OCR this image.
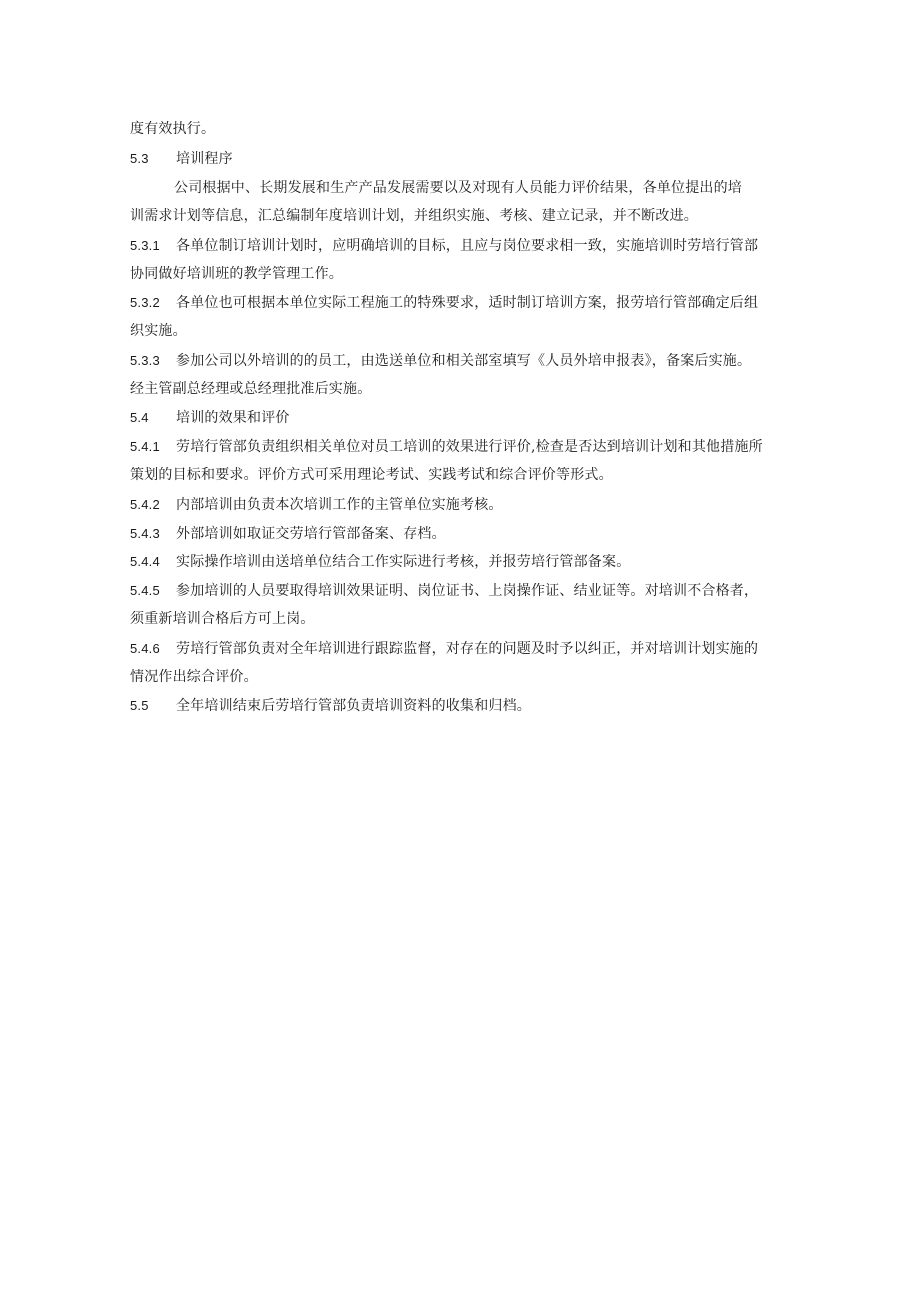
度有效执行。
5.3 培训程序
公司根据中、长期发展和生产产品发展需要以及对现有人员能力评价结果，各单位提出的培
训需求计划等信息，汇总编制年度培训计划，并组织实施、考核、建立记录，并不断改进。
5.3.1 各单位制订培训计划时，应明确培训的目标，且应与岗位要求相一致，实施培训时劳培行管部
协同做好培训班的教学管理工作。
5.3.2 各单位也可根据本单位实际工程施工的特殊要求，适时制订培训方案，报劳培行管部确定后组
织实施。
5.3.3 参加公司以外培训的的员工，由选送单位和相关部室填写《人员外培申报表》，备案后实施。
经主管副总经理或总经理批准后实施。
5.4 培训的效果和评价
5.4.1 劳培行管部负责组织相关单位对员工培训的效果进行评价,检查是否达到培训计划和其他措施所
策划的目标和要求。评价方式可采用理论考试、实践考试和综合评价等形式。
5.4.2 内部培训由负责本次培训工作的主管单位实施考核。
5.4.3 外部培训如取证交劳培行管部备案、存档。
5.4.4 实际操作培训由送培单位结合工作实际进行考核，并报劳培行管部备案。
5.4.5 参加培训的人员要取得培训效果证明、岗位证书、上岗操作证、结业证等。对培训不合格者，
须重新培训合格后方可上岗。
5.4.6 劳培行管部负责对全年培训进行跟踪监督，对存在的问题及时予以纠正，并对培训计划实施的
情况作出综合评价。
5.5 全年培训结束后劳培行管部负责培训资料的收集和归档。
